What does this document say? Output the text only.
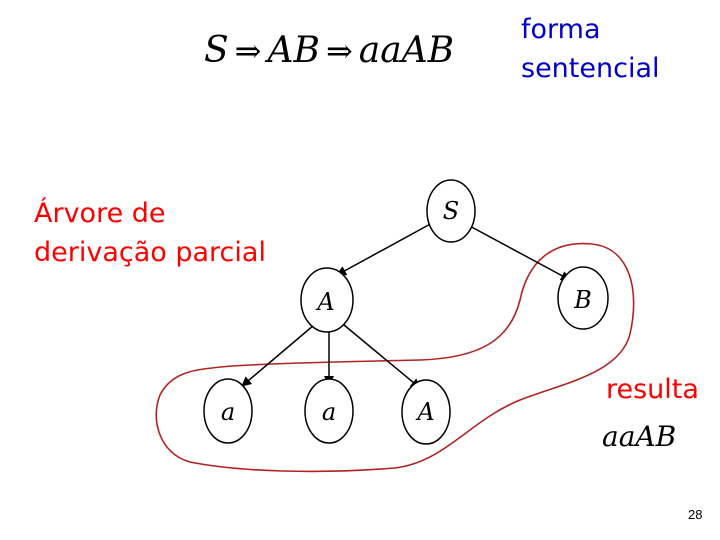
S ⇒ AB ⇒ aaAB
forma
sentencial
Árvore de
derivação parcial
S
A	B
a	a	A
resulta
aaAB
28
